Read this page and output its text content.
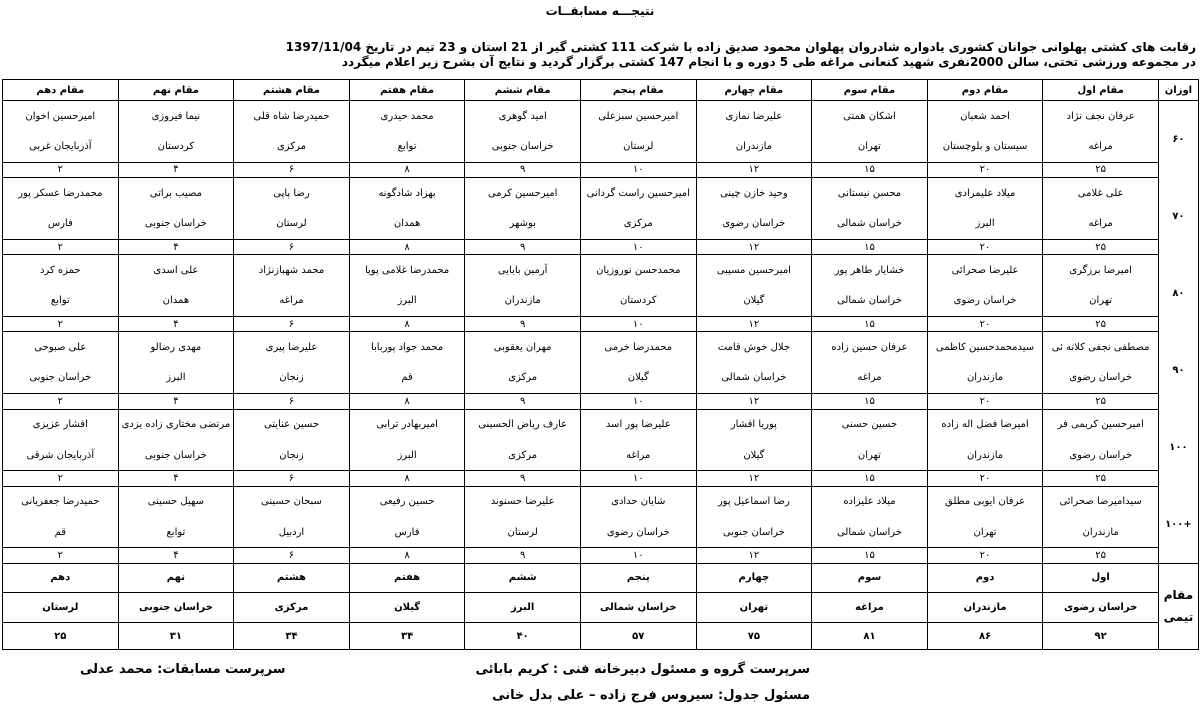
نتیجـــه مسابقــات
رقابت های کشتی پهلوانی جوانان کشوری یادواره شادروان پهلوان محمود صدیق زاده با شرکت 111 کشتی گیر از 21 استان و 23 تیم در تاریخ 1397/11/04
در مجموعه ورزشی تختی، سالن 2000نفری شهید کنعانی مراغه طی 5 دوره و با انجام 147 کشتی برگزار گردید و نتایج آن بشرح زیر اعلام میگردد
اوزان	مقام اول	مقام دوم	مقام سوم	مقام چهارم	مقام پنجم	مقام ششم	مقام هفتم	مقام هشتم	مقام نهم	مقام دهم
۶۰	عرفان نجف نژاد	احمد شعبان	اشکان همتی	علیرضا نمازی	امیرحسین سبزعلی	امید گوهری	محمد حیدری	حمیدرضا شاه قلی	نیما فیروزی	امیرحسین اخوان
	مراغه	سیستان و بلوچستان	تهران	مازندران	لرستان	خراسان جنوبی	توابع	مرکزی	کردستان	آذربایجان غربی
	۲۵	۲۰	۱۵	۱۲	۱۰	۹	۸	۶	۴	۲
۷۰	علی غلامی	میلاد علیمرادی	محسن نیستانی	وحید خازن چینی	امیرحسین راست گردانی	امیرحسین کرمی	بهزاد شادگونه	رضا پاپی	مصیب براتی	محمدرضا عسکر پور
	مراغه	البرز	خراسان شمالی	خراسان رضوی	مرکزی	بوشهر	همدان	لرستان	خراسان جنوبی	فارس
	۲۵	۲۰	۱۵	۱۲	۱۰	۹	۸	۶	۴	۲
۸۰	امیرضا برزگری	علیرضا صحرائی	خشایار طاهر پور	امیرحسین مسیبی	محمدحسن نوروزیان	آرمین بابایی	محمدرضا غلامی پویا	محمد شهبازنژاد	علی اسدی	حمزه کرد
	تهران	خراسان رضوی	خراسان شمالی	گیلان	کردستان	مازندران	البرز	مراغه	همدان	توابع
	۲۵	۲۰	۱۵	۱۲	۱۰	۹	۸	۶	۴	۲
۹۰	مصطفی نجفی کلاته ئی	سیدمحمدحسین کاظمی	عرفان حسین زاده	جلال خوش قامت	محمدرضا خرمی	مهران یعقوبی	محمد جواد پوربابا	علیرضا پیری	مهدی رضالو	علی صبوحی
	خراسان رضوی	مازندران	مراغه	خراسان شمالی	گیلان	مرکزی	قم	زنجان	البرز	خراسان جنوبی
	۲۵	۲۰	۱۵	۱۲	۱۰	۹	۸	۶	۴	۲
۱۰۰	امیرحسین کریمی فر	امیرضا فضل اله زاده	حسین حسنی	پوریا افشار	علیرضا پور اسد	عارف ریاض الحسینی	امیربهادر ترابی	حسین عنایتی	مرتضی مختاری زاده یزدی	افشار عزیزی
	خراسان رضوی	مازندران	تهران	گیلان	مراغه	مرکزی	البرز	زنجان	خراسان جنوبی	آذربایجان شرقی
	۲۵	۲۰	۱۵	۱۲	۱۰	۹	۸	۶	۴	۲
+۱۰۰	سیدامیرضا صحرائی	عرفان ایوبی مطلق	میلاد علیزاده	رضا اسماعیل پور	شایان حدادی	علیرضا حسنوند	حسین رفیعی	سبحان حسینی	سهیل حسینی	حمیدرضا جعفریانی
	مازندران	تهران	خراسان شمالی	خراسان جنوبی	خراسان رضوی	لرستان	فارس	اردبیل	توابع	قم
	۲۵	۲۰	۱۵	۱۲	۱۰	۹	۸	۶	۴	۲
مقام تیمی	اول	دوم	سوم	چهارم	پنجم	ششم	هفتم	هشتم	نهم	دهم
	خراسان رضوی	مازندران	مراغه	تهران	خراسان شمالی	البرز	گیلان	مرکزی	خراسان جنوبی	لرستان
	۹۲	۸۶	۸۱	۷۵	۵۷	۴۰	۳۴	۳۴	۳۱	۲۵
سرپرست مسابقات: محمد عدلی	سرپرست گروه و مسئول دبیرخانه فنی : کریم بابائی
مسئول جدول: سیروس فرج زاده – علی بدل خانی
